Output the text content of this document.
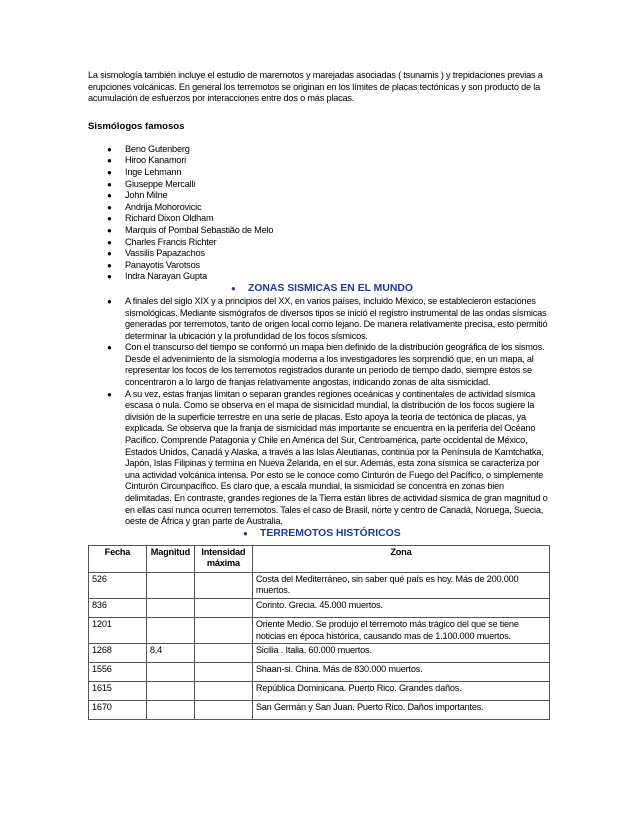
La sismología también incluye el estudio de maremotos y marejadas asociadas ( tsunamis ) y trepidaciones previas a erupciones volcánicas. En general los terremotos se originan en los límites de placas tectónicas y son producto de la acumulación de esfuerzos por interacciones entre dos o más placas.

Sismólogos famosos

● Beno Gutenberg
● Hiroo Kanamori
● Inge Lehmann
● Giuseppe Mercalli
● John Milne
● Andrija Mohorovicic
● Richard Dixon Oldham
● Marquis of Pombal Sebastião de Melo
● Charles Francis Richter
● Vassilis Papazachos
● Panayotis Varotsos
● Indra Narayan Gupta
● ZONAS SISMICAS EN EL MUNDO
● A finales del siglo XIX y a principios del XX, en varios países, incluido México, se establecieron estaciones sismológicas. Mediante sismógrafos de diversos tipos se inició el registro instrumental de las ondas sísmicas generadas por terremotos, tanto de origen local como lejano. De manera relativamente precisa, esto permitió determinar la ubicación y la profundidad de los focos sísmicos.
● Con el transcurso del tiempo se conformó un mapa bien definido de la distribución geográfica de los sismos. Desde el advenimiento de la sismología moderna a los investigadores les sorprendió que, en un mapa, al representar los focos de los terremotos registrados durante un periodo de tiempo dado, siempre éstos se concentraron a lo largo de franjas relativamente angostas, indicando zonas de alta sismicidad.
● A su vez, estas franjas limitan o separan grandes regiones oceánicas y continentales de actividad sísmica escasa o nula. Como se observa en el mapa de sismicidad mundial, la distribución de los focos sugiere la división de la superficie terrestre en una serie de placas. Esto apoya la teoría de tectónica de placas, ya explicada. Se observa que la franja de sismicidad más importante se encuentra en la periferia del Océano Pacífico. Comprende Patagonia y Chile en América del Sur, Centroamérica, parte occidental de México, Estados Unidos, Canadá y Alaska, a través a las Islas Aleutianas, continúa por la Península de Kamtchatka, Japón, Islas Filipinas y termina en Nueva Zelanda, en el sur. Además, esta zona sísmica se caracteriza por una actividad volcánica intensa. Por esto se le conoce como Cinturón de Fuego del Pacífico, o simplemente Cinturón Circunpacífico. Es claro que, a escala mundial, la sismicidad se concentra en zonas bien delimitadas. En contraste, grandes regiones de la Tierra están libres de actividad sísmica de gran magnitud o en ellas casi nunca ocurren terremotos. Tales el caso de Brasil, norte y centro de Canadá, Noruega, Suecia, oeste de África y gran parte de Australia.
● TERREMOTOS HISTÓRICOS
Fecha	Magnitud	Intensidad máxima	Zona
526			Costa del Mediterráneo, sin saber qué país es hoy. Más de 200.000 muertos.
836			Corinto. Grecia. 45.000 muertos.
1201			Oriente Medio. Se produjo el terremoto más trágico del que se tiene noticias en época histórica, causando mas de 1.100.000 muertos.
1268	8,4		Sicilia . Italia. 60.000 muertos.
1556			Shaan-si. China. Más de 830.000 muertos.
1615			República Dominicana. Puerto Rico. Grandes daños.
1670			San Germán y San Juan. Puerto Rico. Daños importantes.
